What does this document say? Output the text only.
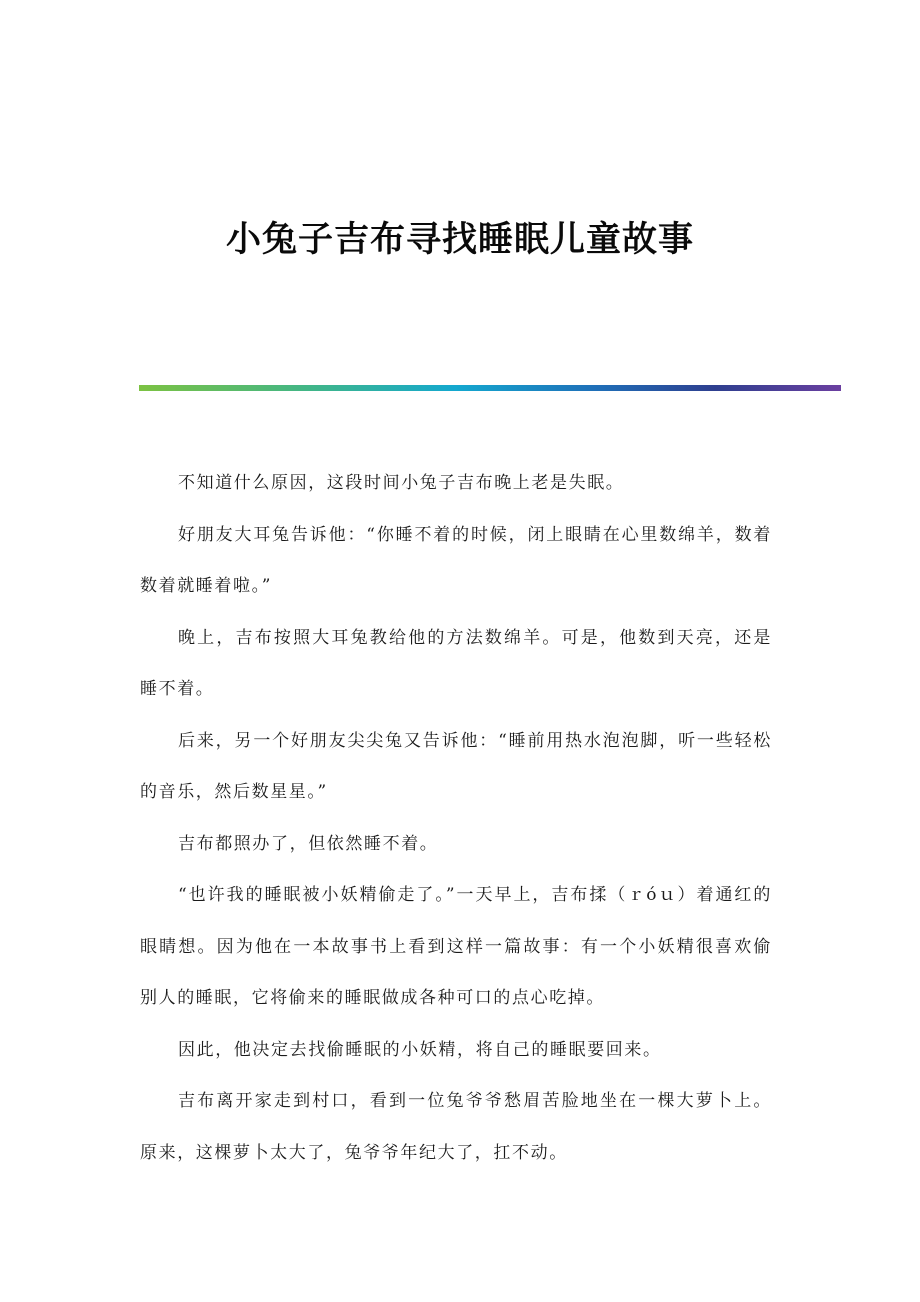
小兔子吉布寻找睡眠儿童故事

不知道什么原因，这段时间小兔子吉布晚上老是失眠。

好朋友大耳兔告诉他：“你睡不着的时候，闭上眼睛在心里数绵羊，数着数着就睡着啦。”

晚上，吉布按照大耳兔教给他的方法数绵羊。可是，他数到天亮，还是睡不着。

后来，另一个好朋友尖尖兔又告诉他：“睡前用热水泡泡脚，听一些轻松的音乐，然后数星星。”

吉布都照办了，但依然睡不着。

“也许我的睡眠被小妖精偷走了。”一天早上，吉布揉（ｒóｕ）着通红的眼睛想。因为他在一本故事书上看到这样一篇故事：有一个小妖精很喜欢偷别人的睡眠，它将偷来的睡眠做成各种可口的点心吃掉。

因此，他决定去找偷睡眠的小妖精，将自己的睡眠要回来。

吉布离开家走到村口，看到一位兔爷爷愁眉苦脸地坐在一棵大萝卜上。原来，这棵萝卜太大了，兔爷爷年纪大了，扛不动。
